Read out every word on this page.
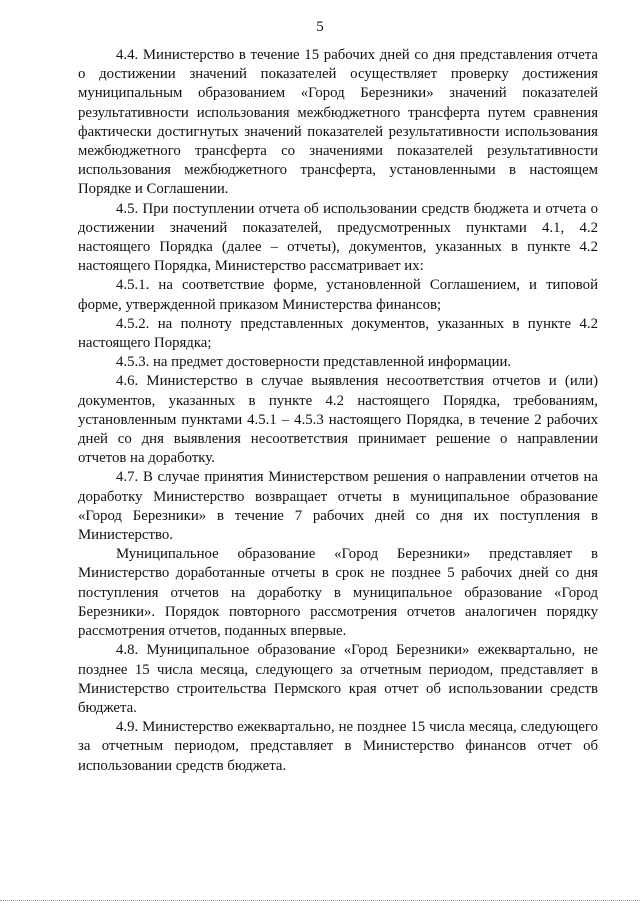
5

4.4. Министерство в течение 15 рабочих дней со дня представления отчета о достижении значений показателей осуществляет проверку достижения муниципальным образованием «Город Березники» значений показателей результативности использования межбюджетного трансферта путем сравнения фактически достигнутых значений показателей результативности использования межбюджетного трансферта со значениями показателей результативности использования межбюджетного трансферта, установленными в настоящем Порядке и Соглашении.

4.5. При поступлении отчета об использовании средств бюджета и отчета о достижении значений показателей, предусмотренных пунктами 4.1, 4.2 настоящего Порядка (далее – отчеты), документов, указанных в пункте 4.2 настоящего Порядка, Министерство рассматривает их:

4.5.1. на соответствие форме, установленной Соглашением, и типовой форме, утвержденной приказом Министерства финансов;

4.5.2. на полноту представленных документов, указанных в пункте 4.2 настоящего Порядка;

4.5.3. на предмет достоверности представленной информации.

4.6. Министерство в случае выявления несоответствия отчетов и (или) документов, указанных в пункте 4.2 настоящего Порядка, требованиям, установленным пунктами 4.5.1 – 4.5.3 настоящего Порядка, в течение 2 рабочих дней со дня выявления несоответствия принимает решение о направлении отчетов на доработку.

4.7. В случае принятия Министерством решения о направлении отчетов на доработку Министерство возвращает отчеты в муниципальное образование «Город Березники» в течение 7 рабочих дней со дня их поступления в Министерство.

Муниципальное образование «Город Березники» представляет в Министерство доработанные отчеты в срок не позднее 5 рабочих дней со дня поступления отчетов на доработку в муниципальное образование «Город Березники». Порядок повторного рассмотрения отчетов аналогичен порядку рассмотрения отчетов, поданных впервые.

4.8. Муниципальное образование «Город Березники» ежеквартально, не позднее 15 числа месяца, следующего за отчетным периодом, представляет в Министерство строительства Пермского края отчет об использовании средств бюджета.

4.9. Министерство ежеквартально, не позднее 15 числа месяца, следующего за отчетным периодом, представляет в Министерство финансов отчет об использовании средств бюджета.
